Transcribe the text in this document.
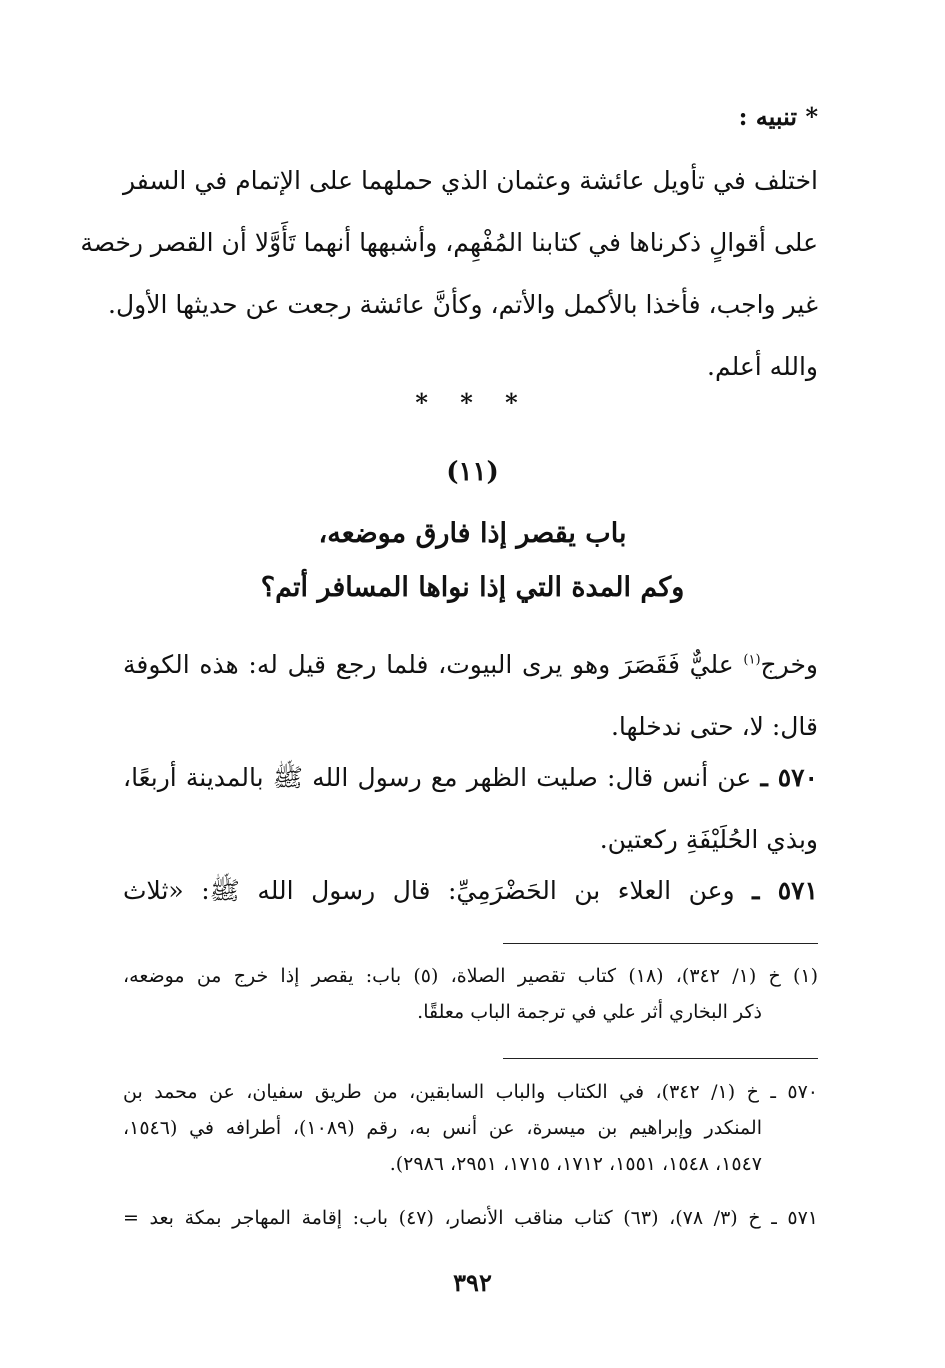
* تنبيه :
اختلف في تأويل عائشة وعثمان الذي حملهما على الإتمام في السفر
على أقوالٍ ذكرناها في كتابنا المُفْهِم، وأشبهها أنهما تَأَوَّلا أن القصر رخصة
غير واجب، فأخذا بالأكمل والأتم، وكأنَّ عائشة رجعت عن حديثها الأول.
والله أعلم.
* * *
(١١)
باب يقصر إذا فارق موضعه،
وكم المدة التي إذا نواها المسافر أتم؟
وخرج$^{(١)}$ عليٌّ فَقَصَرَ وهو يرى البيوت، فلما رجع قيل له: هذه الكوفة
قال: لا، حتى ندخلها.
٥٧٠ ـ عن أنس قال: صليت الظهر مع رسول الله ﷺ بالمدينة أربعًا،
وبذي الحُلَيْفَةِ ركعتين.
٥٧١ ـ وعن العلاء بن الحَضْرَمِيِّ: قال رسول الله ﷺ: «ثلاث
(١) خ (١/ ٣٤٢)، (١٨) كتاب تقصير الصلاة، (٥) باب: يقصر إذا خرج من موضعه،
ذكر البخاري أثر علي في ترجمة الباب معلقًا.
٥٧٠ ـ خ (١/ ٣٤٢)، في الكتاب والباب السابقين، من طريق سفيان، عن محمد بن
المنكدر وإبراهيم بن ميسرة، عن أنس به، رقم (١٠٨٩)، أطرافه في (١٥٤٦،
١٥٤٧، ١٥٤٨، ١٥٥١، ١٧١٢، ١٧١٥، ٢٩٥١، ٢٩٨٦).
٥٧١ ـ خ (٣/ ٧٨)، (٦٣) كتاب مناقب الأنصار، (٤٧) باب: إقامة المهاجر بمكة بعد =
٣٩٢
